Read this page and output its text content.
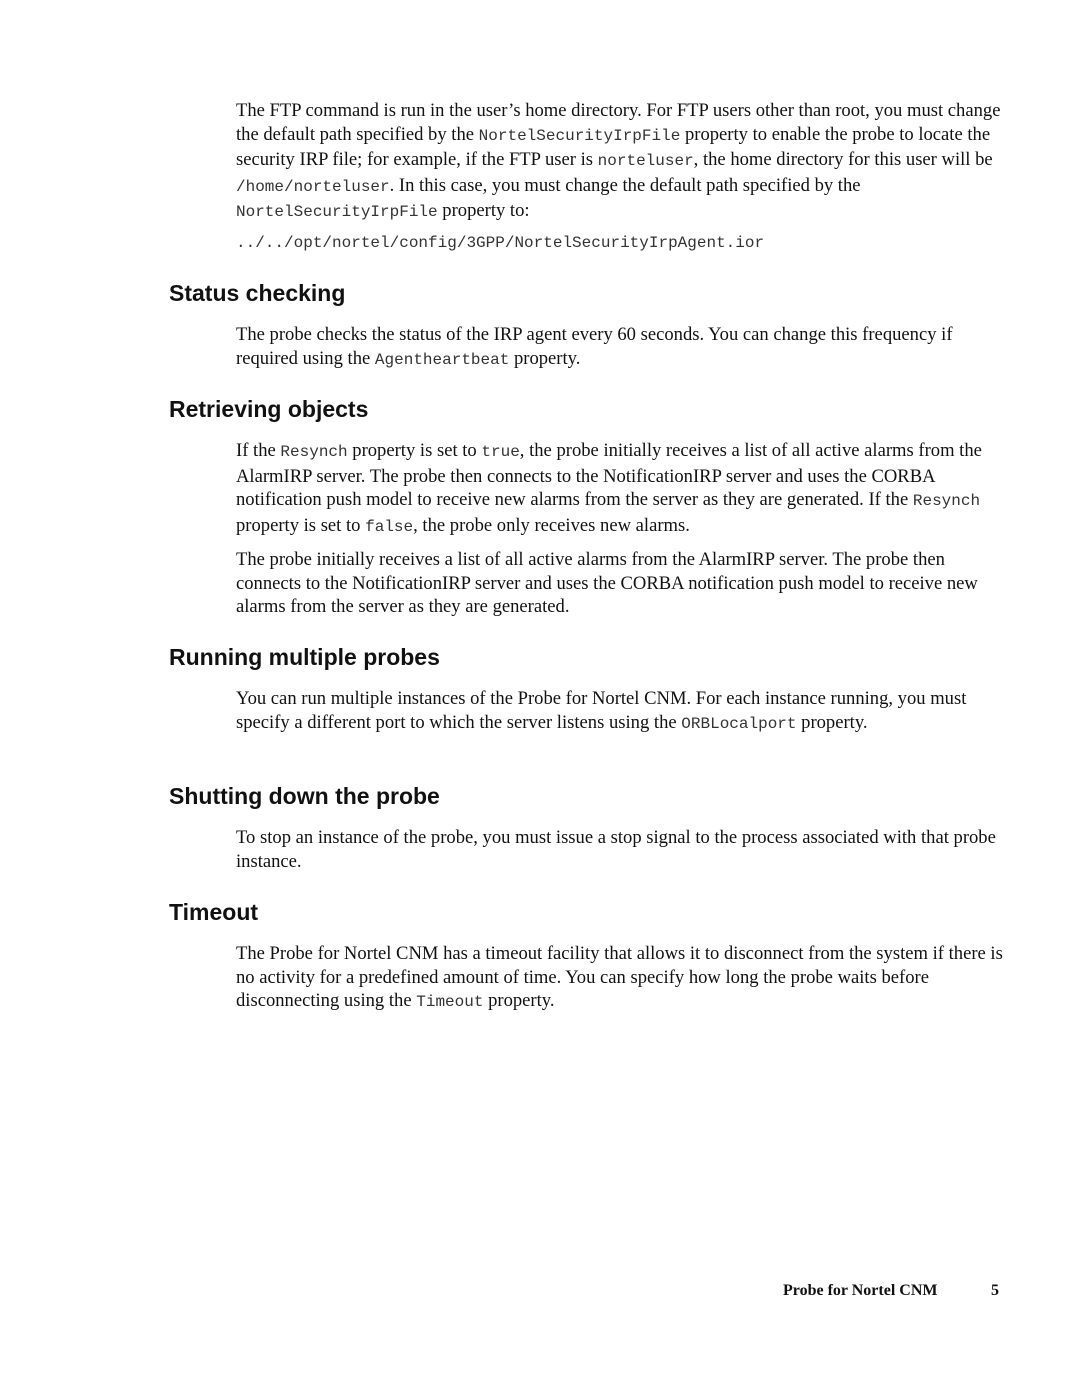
The FTP command is run in the user’s home directory. For FTP users other than root, you must change the default path specified by the NortelSecurityIrpFile property to enable the probe to locate the security IRP file; for example, if the FTP user is norteluser, the home directory for this user will be /home/norteluser. In this case, you must change the default path specified by the NortelSecurityIrpFile property to:
../../opt/nortel/config/3GPP/NortelSecurityIrpAgent.ior
Status checking
The probe checks the status of the IRP agent every 60 seconds. You can change this frequency if required using the Agentheartbeat property.
Retrieving objects
If the Resynch property is set to true, the probe initially receives a list of all active alarms from the AlarmIRP server. The probe then connects to the NotificationIRP server and uses the CORBA notification push model to receive new alarms from the server as they are generated. If the Resynch property is set to false, the probe only receives new alarms.
The probe initially receives a list of all active alarms from the AlarmIRP server. The probe then connects to the NotificationIRP server and uses the CORBA notification push model to receive new alarms from the server as they are generated.
Running multiple probes
You can run multiple instances of the Probe for Nortel CNM. For each instance running, you must specify a different port to which the server listens using the ORBLocalport property.
Shutting down the probe
To stop an instance of the probe, you must issue a stop signal to the process associated with that probe instance.
Timeout
The Probe for Nortel CNM has a timeout facility that allows it to disconnect from the system if there is no activity for a predefined amount of time. You can specify how long the probe waits before disconnecting using the Timeout property.
Probe for Nortel CNM	5
